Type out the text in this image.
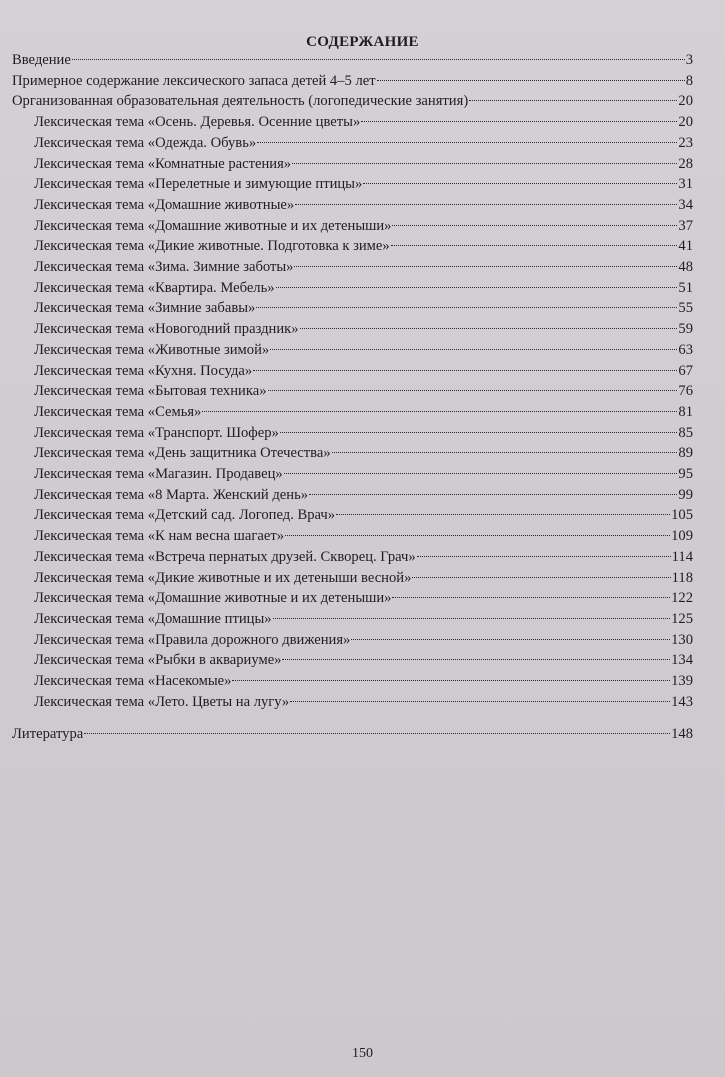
СОДЕРЖАНИЕ
Введение	3
Примерное содержание лексического запаса детей 4–5 лет	8
Организованная образовательная деятельность (логопедические занятия)	20
Лексическая тема «Осень. Деревья. Осенние цветы»	20
Лексическая тема «Одежда. Обувь»	23
Лексическая тема «Комнатные растения»	28
Лексическая тема «Перелетные и зимующие птицы»	31
Лексическая тема «Домашние животные»	34
Лексическая тема «Домашние животные и их детеныши»	37
Лексическая тема «Дикие животные. Подготовка к зиме»	41
Лексическая тема «Зима. Зимние заботы»	48
Лексическая тема «Квартира. Мебель»	51
Лексическая тема «Зимние забавы»	55
Лексическая тема «Новогодний праздник»	59
Лексическая тема «Животные зимой»	63
Лексическая тема «Кухня. Посуда»	67
Лексическая тема «Бытовая техника»	76
Лексическая тема «Семья»	81
Лексическая тема «Транспорт. Шофер»	85
Лексическая тема «День защитника Отечества»	89
Лексическая тема «Магазин. Продавец»	95
Лексическая тема «8 Марта. Женский день»	99
Лексическая тема «Детский сад. Логопед. Врач»	105
Лексическая тема «К нам весна шагает»	109
Лексическая тема «Встреча пернатых друзей. Скворец. Грач»	114
Лексическая тема «Дикие животные и их детеныши весной»	118
Лексическая тема «Домашние животные и их детеныши»	122
Лексическая тема «Домашние птицы»	125
Лексическая тема «Правила дорожного движения»	130
Лексическая тема «Рыбки в аквариуме»	134
Лексическая тема «Насекомые»	139
Лексическая тема «Лето. Цветы на лугу»	143
Литература	148
150
